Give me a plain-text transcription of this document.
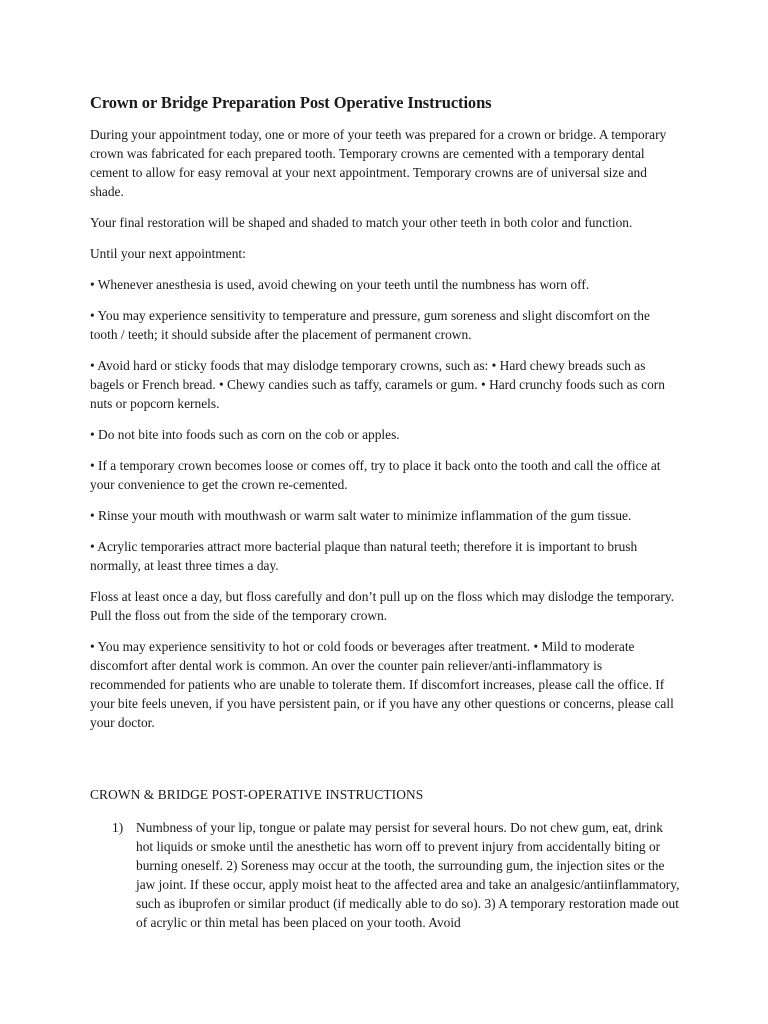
Crown or Bridge Preparation Post Operative Instructions

During your appointment today, one or more of your teeth was prepared for a crown or bridge. A temporary crown was fabricated for each prepared tooth. Temporary crowns are cemented with a temporary dental cement to allow for easy removal at your next appointment. Temporary crowns are of universal size and shade.

Your final restoration will be shaped and shaded to match your other teeth in both color and function.

Until your next appointment:

• Whenever anesthesia is used, avoid chewing on your teeth until the numbness has worn off.

• You may experience sensitivity to temperature and pressure, gum soreness and slight discomfort on the tooth / teeth; it should subside after the placement of permanent crown.

• Avoid hard or sticky foods that may dislodge temporary crowns, such as: • Hard chewy breads such as bagels or French bread. • Chewy candies such as taffy, caramels or gum. • Hard crunchy foods such as corn nuts or popcorn kernels.

• Do not bite into foods such as corn on the cob or apples.

• If a temporary crown becomes loose or comes off, try to place it back onto the tooth and call the office at your convenience to get the crown re-cemented.

• Rinse your mouth with mouthwash or warm salt water to minimize inflammation of the gum tissue.

• Acrylic temporaries attract more bacterial plaque than natural teeth; therefore it is important to brush normally, at least three times a day.

Floss at least once a day, but floss carefully and don’t pull up on the floss which may dislodge the temporary. Pull the floss out from the side of the temporary crown.

• You may experience sensitivity to hot or cold foods or beverages after treatment. • Mild to moderate discomfort after dental work is common. An over the counter pain reliever/anti-inflammatory is recommended for patients who are unable to tolerate them. If discomfort increases, please call the office. If your bite feels uneven, if you have persistent pain, or if you have any other questions or concerns, please call your doctor.

CROWN & BRIDGE POST-OPERATIVE INSTRUCTIONS
1) Numbness of your lip, tongue or palate may persist for several hours. Do not chew gum, eat, drink hot liquids or smoke until the anesthetic has worn off to prevent injury from accidentally biting or burning oneself. 2) Soreness may occur at the tooth, the surrounding gum, the injection sites or the jaw joint. If these occur, apply moist heat to the affected area and take an analgesic/antiinflammatory, such as ibuprofen or similar product (if medically able to do so). 3) A temporary restoration made out of acrylic or thin metal has been placed on your tooth. Avoid
